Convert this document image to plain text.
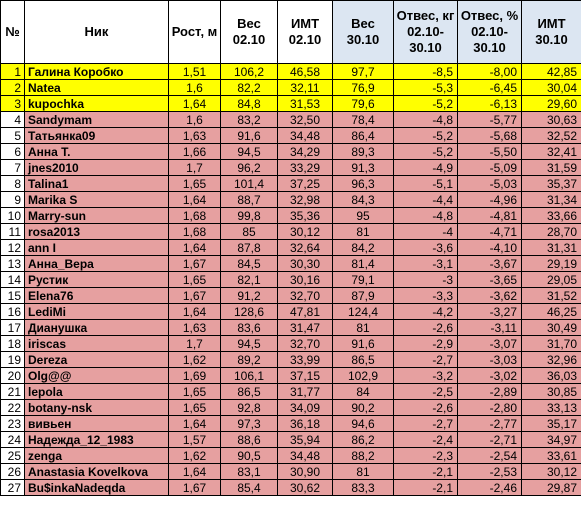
№	Ник	Рост, м	Вес 02.10	ИМТ 02.10	Вес 30.10	Отвес, кг 02.10-30.10	Отвес, % 02.10-30.10	ИМТ 30.10
1	Галина Коробко	1,51	106,2	46,58	97,7	-8,5	-8,00	42,85
2	Natea	1,6	82,2	32,11	76,9	-5,3	-6,45	30,04
3	kupochka	1,64	84,8	31,53	79,6	-5,2	-6,13	29,60
4	Sandymam	1,6	83,2	32,50	78,4	-4,8	-5,77	30,63
5	Татьянка09	1,63	91,6	34,48	86,4	-5,2	-5,68	32,52
6	Анна Т.	1,66	94,5	34,29	89,3	-5,2	-5,50	32,41
7	jnes2010	1,7	96,2	33,29	91,3	-4,9	-5,09	31,59
8	Talina1	1,65	101,4	37,25	96,3	-5,1	-5,03	35,37
9	Marika S	1,64	88,7	32,98	84,3	-4,4	-4,96	31,34
10	Marry-sun	1,68	99,8	35,36	95	-4,8	-4,81	33,66
11	rosa2013	1,68	85	30,12	81	-4	-4,71	28,70
12	ann I	1,64	87,8	32,64	84,2	-3,6	-4,10	31,31
13	Анна_Вера	1,67	84,5	30,30	81,4	-3,1	-3,67	29,19
14	Рустик	1,65	82,1	30,16	79,1	-3	-3,65	29,05
15	Elena76	1,67	91,2	32,70	87,9	-3,3	-3,62	31,52
16	LediMi	1,64	128,6	47,81	124,4	-4,2	-3,27	46,25
17	Дианушка	1,63	83,6	31,47	81	-2,6	-3,11	30,49
18	iriscas	1,7	94,5	32,70	91,6	-2,9	-3,07	31,70
19	Dereza	1,62	89,2	33,99	86,5	-2,7	-3,03	32,96
20	Olg@@	1,69	106,1	37,15	102,9	-3,2	-3,02	36,03
21	lepola	1,65	86,5	31,77	84	-2,5	-2,89	30,85
22	botany-nsk	1,65	92,8	34,09	90,2	-2,6	-2,80	33,13
23	вивьен	1,64	97,3	36,18	94,6	-2,7	-2,77	35,17
24	Надежда_12_1983	1,57	88,6	35,94	86,2	-2,4	-2,71	34,97
25	zenga	1,62	90,5	34,48	88,2	-2,3	-2,54	33,61
26	Anastasia Kovelkova	1,64	83,1	30,90	81	-2,1	-2,53	30,12
27	Bu$inkaNadeqda	1,67	85,4	30,62	83,3	-2,1	-2,46	29,87
